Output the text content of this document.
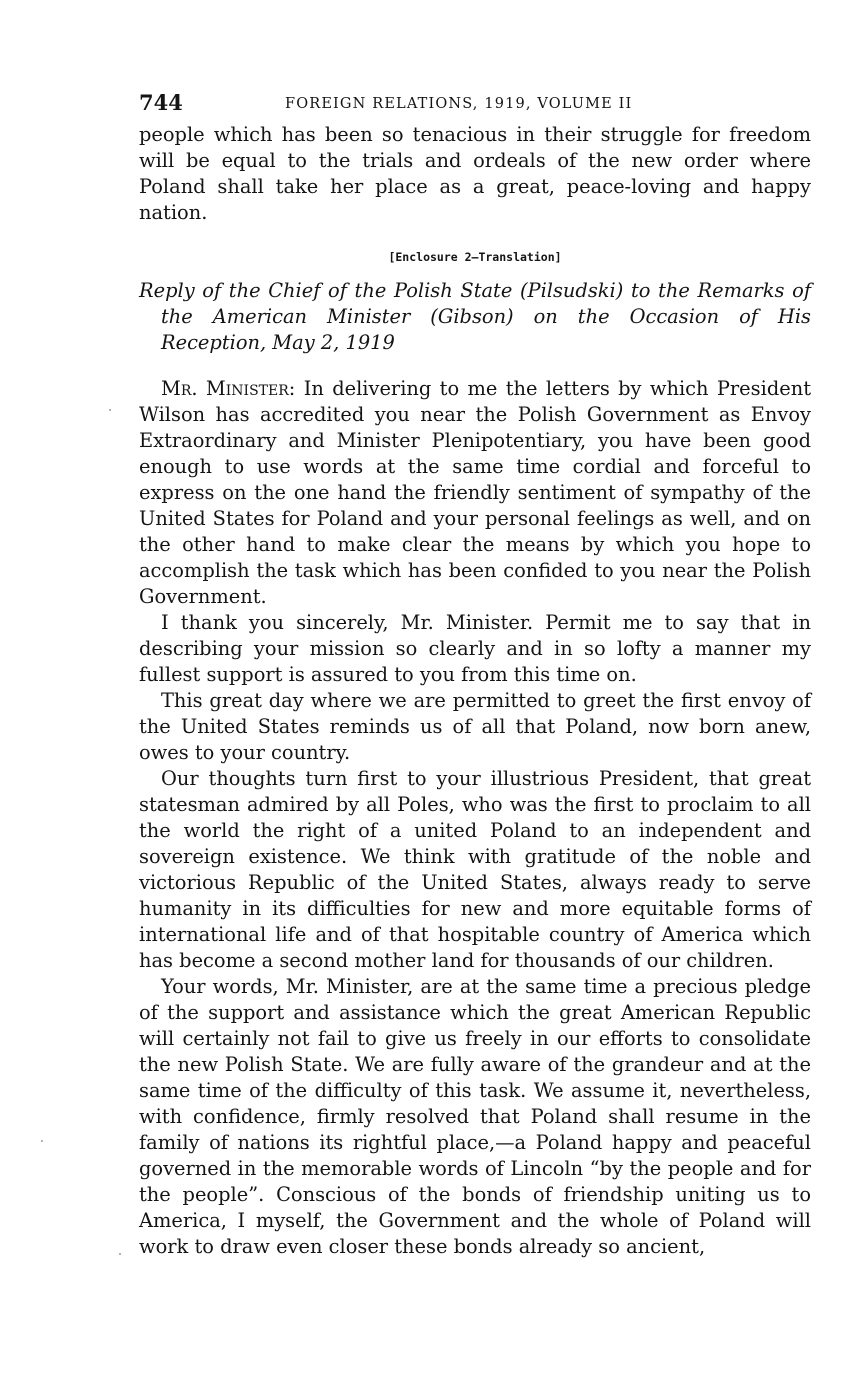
744	FOREIGN RELATIONS, 1919, VOLUME II

people which has been so tenacious in their struggle for freedom will be equal to the trials and ordeals of the new order where Poland shall take her place as a great, peace-loving and happy nation.

[Enclosure 2—Translation]

Reply of the Chief of the Polish State (Pilsudski) to the Remarks of the American Minister (Gibson) on the Occasion of His Reception, May 2, 1919

Mr. Minister: In delivering to me the letters by which President Wilson has accredited you near the Polish Government as Envoy Extraordinary and Minister Plenipotentiary, you have been good enough to use words at the same time cordial and forceful to express on the one hand the friendly sentiment of sympathy of the United States for Poland and your personal feelings as well, and on the other hand to make clear the means by which you hope to accomplish the task which has been confided to you near the Polish Government.

I thank you sincerely, Mr. Minister. Permit me to say that in describing your mission so clearly and in so lofty a manner my fullest support is assured to you from this time on.

This great day where we are permitted to greet the first envoy of the United States reminds us of all that Poland, now born anew, owes to your country.

Our thoughts turn first to your illustrious President, that great statesman admired by all Poles, who was the first to proclaim to all the world the right of a united Poland to an independent and sovereign existence. We think with gratitude of the noble and victorious Republic of the United States, always ready to serve humanity in its difficulties for new and more equitable forms of international life and of that hospitable country of America which has become a second mother land for thousands of our children.

Your words, Mr. Minister, are at the same time a precious pledge of the support and assistance which the great American Republic will certainly not fail to give us freely in our efforts to consolidate the new Polish State. We are fully aware of the grandeur and at the same time of the difficulty of this task. We assume it, nevertheless, with confidence, firmly resolved that Poland shall resume in the family of nations its rightful place,—a Poland happy and peaceful governed in the memorable words of Lincoln “by the people and for the people”. Conscious of the bonds of friendship uniting us to America, I myself, the Government and the whole of Poland will work to draw even closer these bonds already so ancient,
